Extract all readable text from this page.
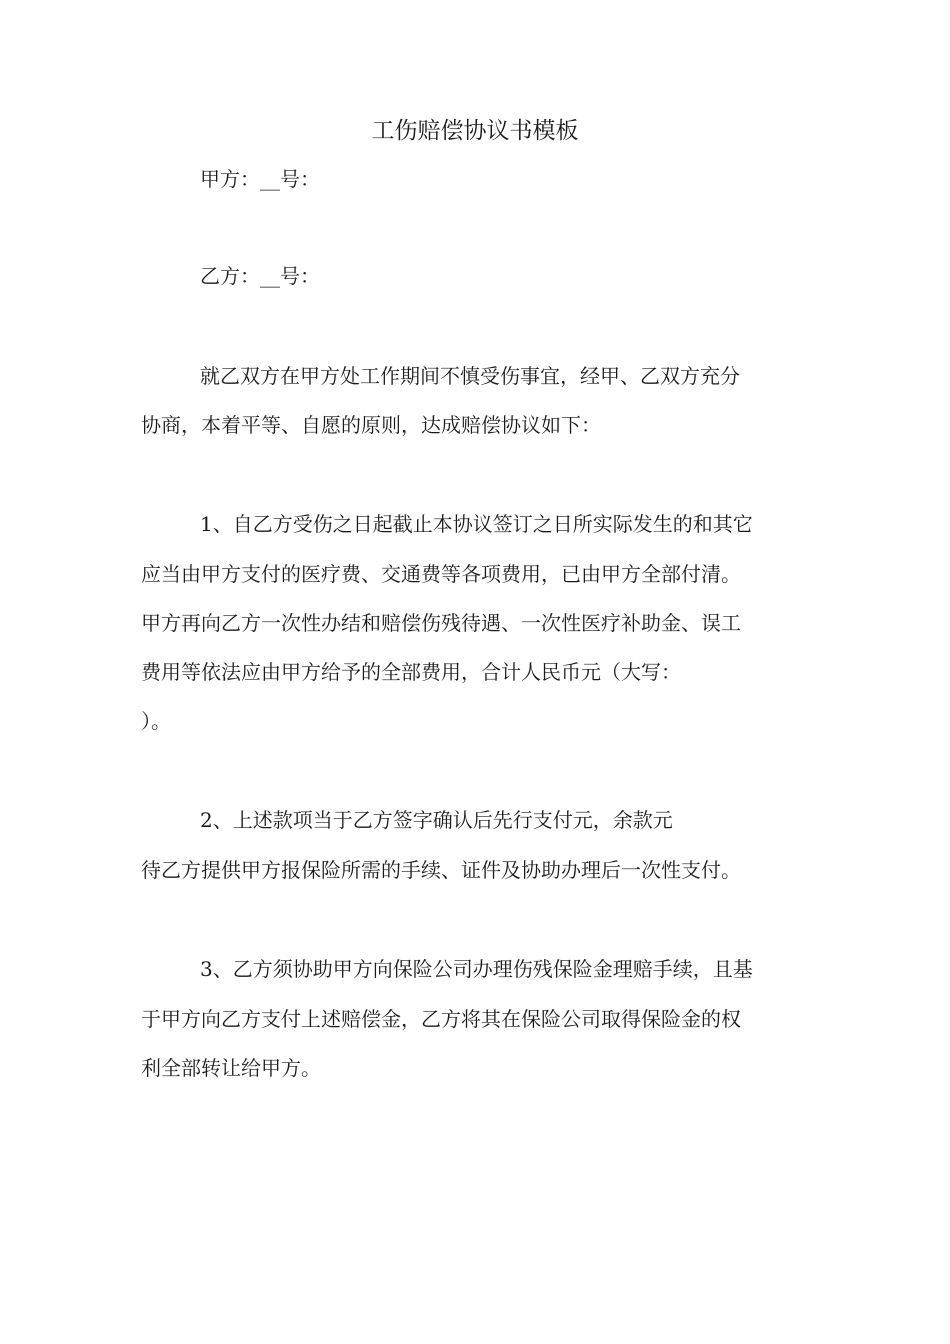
工伤赔偿协议书模板
甲方：__号：
乙方：__号：
就乙双方在甲方处工作期间不慎受伤事宜，经甲、乙双方充分
协商，本着平等、自愿的原则，达成赔偿协议如下：
1、自乙方受伤之日起截止本协议签订之日所实际发生的和其它
应当由甲方支付的医疗费、交通费等各项费用，已由甲方全部付清。
甲方再向乙方一次性办结和赔偿伤残待遇、一次性医疗补助金、误工
费用等依法应由甲方给予的全部费用，合计人民币元（大写：
）。
2、上述款项当于乙方签字确认后先行支付元，余款元
待乙方提供甲方报保险所需的手续、证件及协助办理后一次性支付。
3、乙方须协助甲方向保险公司办理伤残保险金理赔手续，且基
于甲方向乙方支付上述赔偿金，乙方将其在保险公司取得保险金的权
利全部转让给甲方。
